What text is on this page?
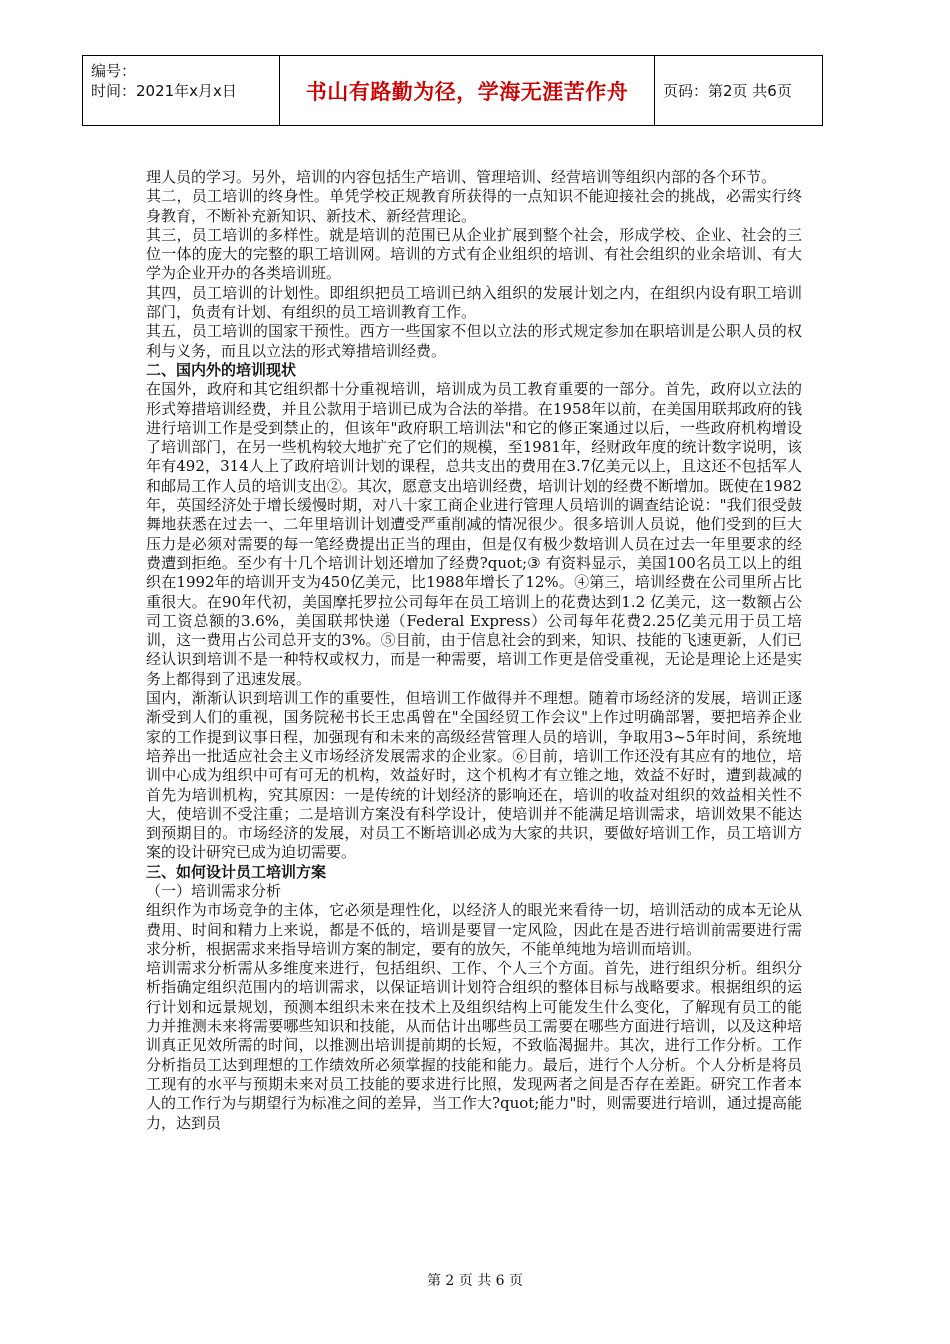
编号：
时间：2021年x月x日	书山有路勤为径，学海无涯苦作舟	页码：第2页 共6页

理人员的学习。另外，培训的内容包括生产培训、管理培训、经营培训等组织内部的各个环节。

其二，员工培训的终身性。单凭学校正规教育所获得的一点知识不能迎接社会的挑战，必需实行终身教育，不断补充新知识、新技术、新经营理论。

其三，员工培训的多样性。就是培训的范围已从企业扩展到整个社会，形成学校、企业、社会的三位一体的庞大的完整的职工培训网。培训的方式有企业组织的培训、有社会组织的业余培训、有大学为企业开办的各类培训班。

其四，员工培训的计划性。即组织把员工培训已纳入组织的发展计划之内，在组织内设有职工培训部门，负责有计划、有组织的员工培训教育工作。

其五，员工培训的国家干预性。西方一些国家不但以立法的形式规定参加在职培训是公职人员的权利与义务，而且以立法的形式筹措培训经费。

二、国内外的培训现状

在国外，政府和其它组织都十分重视培训，培训成为员工教育重要的一部分。首先，政府以立法的形式筹措培训经费，并且公款用于培训已成为合法的举措。在1958年以前，在美国用联邦政府的钱进行培训工作是受到禁止的，但该年"政府职工培训法"和它的修正案通过以后，一些政府机构增设了培训部门，在另一些机构较大地扩充了它们的规模，至1981年，经财政年度的统计数字说明，该年有492，314人上了政府培训计划的课程，总共支出的费用在3.7亿美元以上，且这还不包括军人和邮局工作人员的培训支出②。其次，愿意支出培训经费，培训计划的经费不断增加。既使在1982年，英国经济处于增长缓慢时期，对八十家工商企业进行管理人员培训的调查结论说："我们很受鼓舞地获悉在过去一、二年里培训计划遭受严重削减的情况很少。很多培训人员说，他们受到的巨大压力是必须对需要的每一笔经费提出正当的理由，但是仅有极少数培训人员在过去一年里要求的经费遭到拒绝。至少有十几个培训计划还增加了经费?quot;③ 有资料显示，美国100名员工以上的组织在1992年的培训开支为450亿美元，比1988年增长了12%。④第三，培训经费在公司里所占比重很大。在90年代初，美国摩托罗拉公司每年在员工培训上的花费达到1.2 亿美元，这一数额占公司工资总额的3.6%，美国联邦快递（Federal Express）公司每年花费2.25亿美元用于员工培训，这一费用占公司总开支的3%。⑤目前，由于信息社会的到来，知识、技能的飞速更新，人们已经认识到培训不是一种特权或权力，而是一种需要，培训工作更是倍受重视，无论是理论上还是实务上都得到了迅速发展。

国内，渐渐认识到培训工作的重要性，但培训工作做得并不理想。随着市场经济的发展，培训正逐渐受到人们的重视，国务院秘书长王忠禹曾在"全国经贸工作会议"上作过明确部署，要把培养企业家的工作提到议事日程，加强现有和未来的高级经营管理人员的培训，争取用3~5年时间，系统地培养出一批适应社会主义市场经济发展需求的企业家。⑥目前，培训工作还没有其应有的地位，培训中心成为组织中可有可无的机构，效益好时，这个机构才有立锥之地，效益不好时，遭到裁减的首先为培训机构，究其原因：一是传统的计划经济的影响还在，培训的收益对组织的效益相关性不大，使培训不受注重；二是培训方案没有科学设计，使培训并不能满足培训需求，培训效果不能达到预期目的。市场经济的发展，对员工不断培训必成为大家的共识，要做好培训工作，员工培训方案的设计研究已成为迫切需要。

三、如何设计员工培训方案

（一）培训需求分析

组织作为市场竞争的主体，它必须是理性化，以经济人的眼光来看待一切，培训活动的成本无论从费用、时间和精力上来说，都是不低的，培训是要冒一定风险，因此在是否进行培训前需要进行需求分析，根据需求来指导培训方案的制定，要有的放矢，不能单纯地为培训而培训。

培训需求分析需从多维度来进行，包括组织、工作、个人三个方面。首先，进行组织分析。组织分析指确定组织范围内的培训需求，以保证培训计划符合组织的整体目标与战略要求。根据组织的运行计划和远景规划，预测本组织未来在技术上及组织结构上可能发生什么变化，了解现有员工的能力并推测未来将需要哪些知识和技能，从而估计出哪些员工需要在哪些方面进行培训，以及这种培训真正见效所需的时间，以推测出培训提前期的长短，不致临渴掘井。其次，进行工作分析。工作分析指员工达到理想的工作绩效所必须掌握的技能和能力。最后，进行个人分析。个人分析是将员工现有的水平与预期未来对员工技能的要求进行比照，发现两者之间是否存在差距。研究工作者本人的工作行为与期望行为标准之间的差异，当工作大?quot;能力"时，则需要进行培训，通过提高能力，达到员

第 2 页 共 6 页
